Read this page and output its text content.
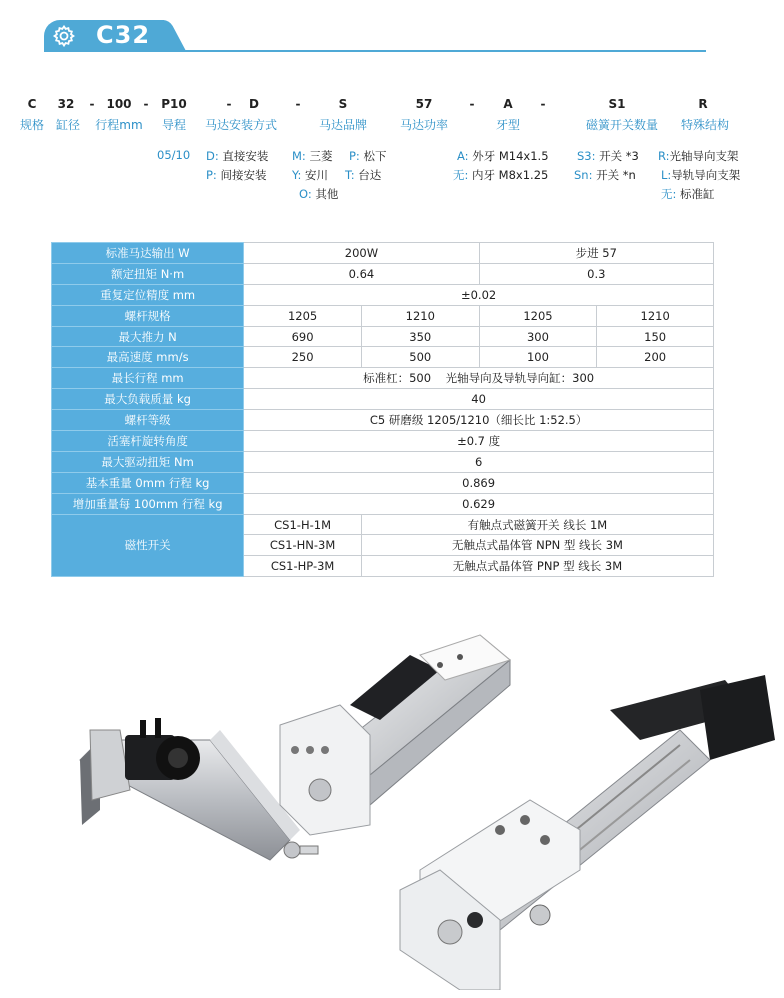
C32
C 32 - 100 - P10	- D	-	S	57	- A -	S1	R
规格 缸径 行程mm 导程 马达安装方式	马达品牌	马达功率	牙型	磁簧开关数量 特殊结构
05/10 D: 直接安装
P: 间接安装
M: 三菱 P: 松下
Y: 安川 T: 台达
O: 其他
A: 外牙 M14x1.5
无: 内牙 M8x1.25
S3: 开关 *3
Sn: 开关 *n
R:光轴导向支架
L:导轨导向支架
无: 标准缸
标准马达输出 W	200W		步进 57	
额定扭矩 N·m	0.64		0.3	
重复定位精度 mm	±0.02			
螺杆规格	1205	1210	1205	1210
最大推力 N	690	350	300	150
最高速度 mm/s	250	500	100	200
最长行程 mm	标准杠：500    光轴导向及导轨导向缸：300			
最大负载质量 kg	40			
螺杆等级	C5 研磨级 1205/1210（细长比 1:52.5）			
活塞杆旋转角度	±0.7 度			
最大驱动扭矩 Nm	6			
基本重量 0mm 行程 kg	0.869			
增加重量每 100mm 行程 kg	0.629			
磁性开关	CS1-H-1M	有触点式磁簧开关 线长 1M		
	CS1-HN-3M	无触点式晶体管 NPN 型 线长 3M		
	CS1-HP-3M	无触点式晶体管 PNP 型 线长 3M		
